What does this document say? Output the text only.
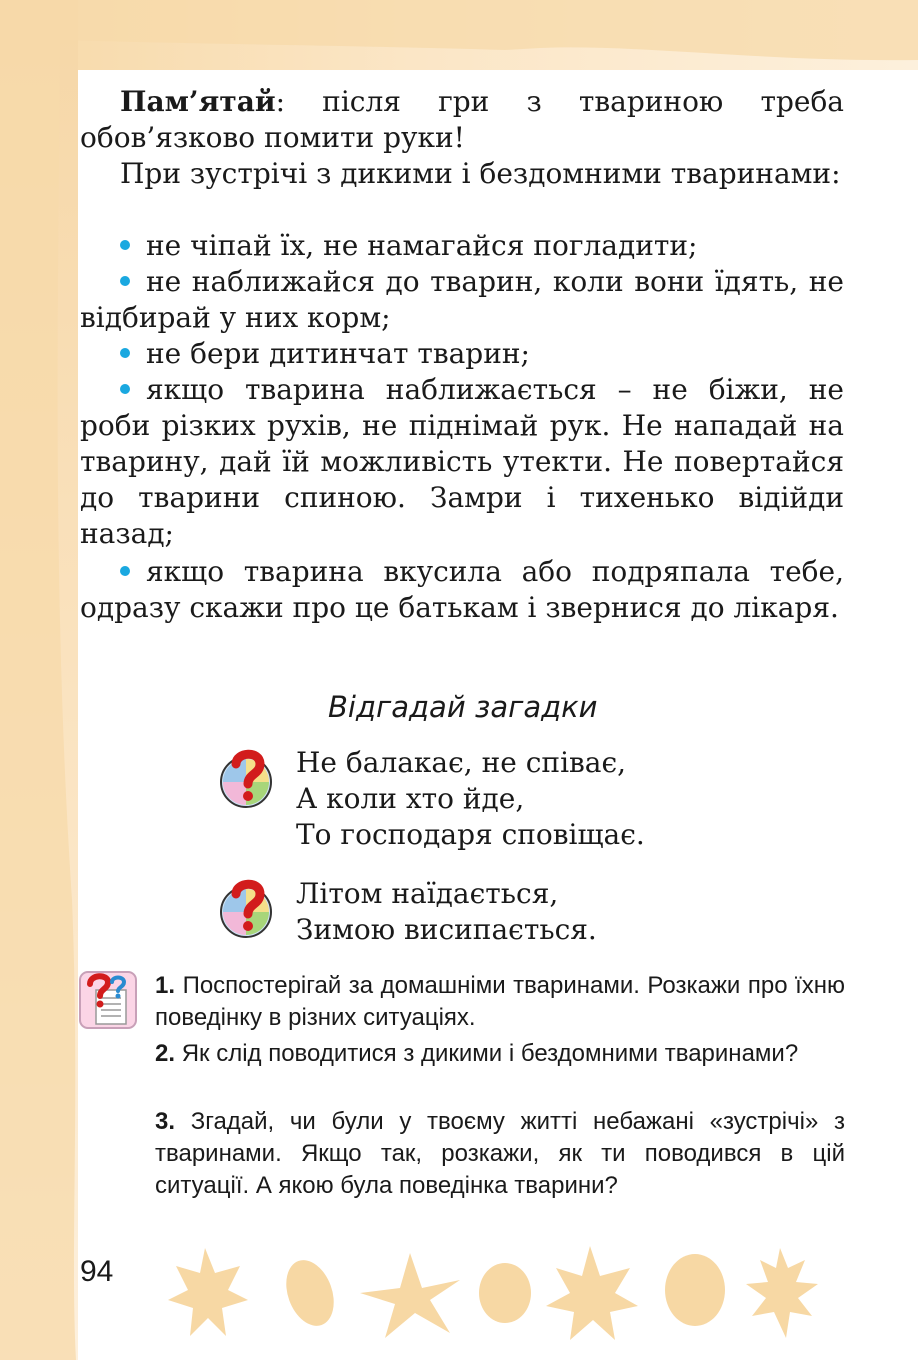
Пам’ятай: після гри з твариною треба обов’язково помити руки!

При зустрічі з дикими і бездомними тваринами:

не чіпай їх, не намагайся погладити;

не наближайся до тварин, коли вони їдять, не відбирай у них корм;

не бери дитинчат тварин;

якщо тварина наближається – не біжи, не роби різких рухів, не піднімай рук. Не нападай на тварину, дай їй можливість утекти. Не повертайся до тварини спиною. Замри і тихенько відійди назад;

якщо тварина вкусила або подряпала тебе, одразу скажи про це батькам і звернися до лікаря.

Відгадай загадки

Не балакає, не співає,
А коли хто йде,
То господаря сповіщає.

Літом наїдається,
Зимою висипається.

1. Поспостерігай за домашніми тваринами. Розкажи про їхню поведінку в різних ситуаціях.

2. Як слід поводитися з дикими і бездомними тваринами?

3. Згадай, чи були у твоєму житті небажані «зустрічі» з тваринами. Якщо так, розкажи, як ти поводився в цій ситуації. А якою була поведінка тварини?

94
